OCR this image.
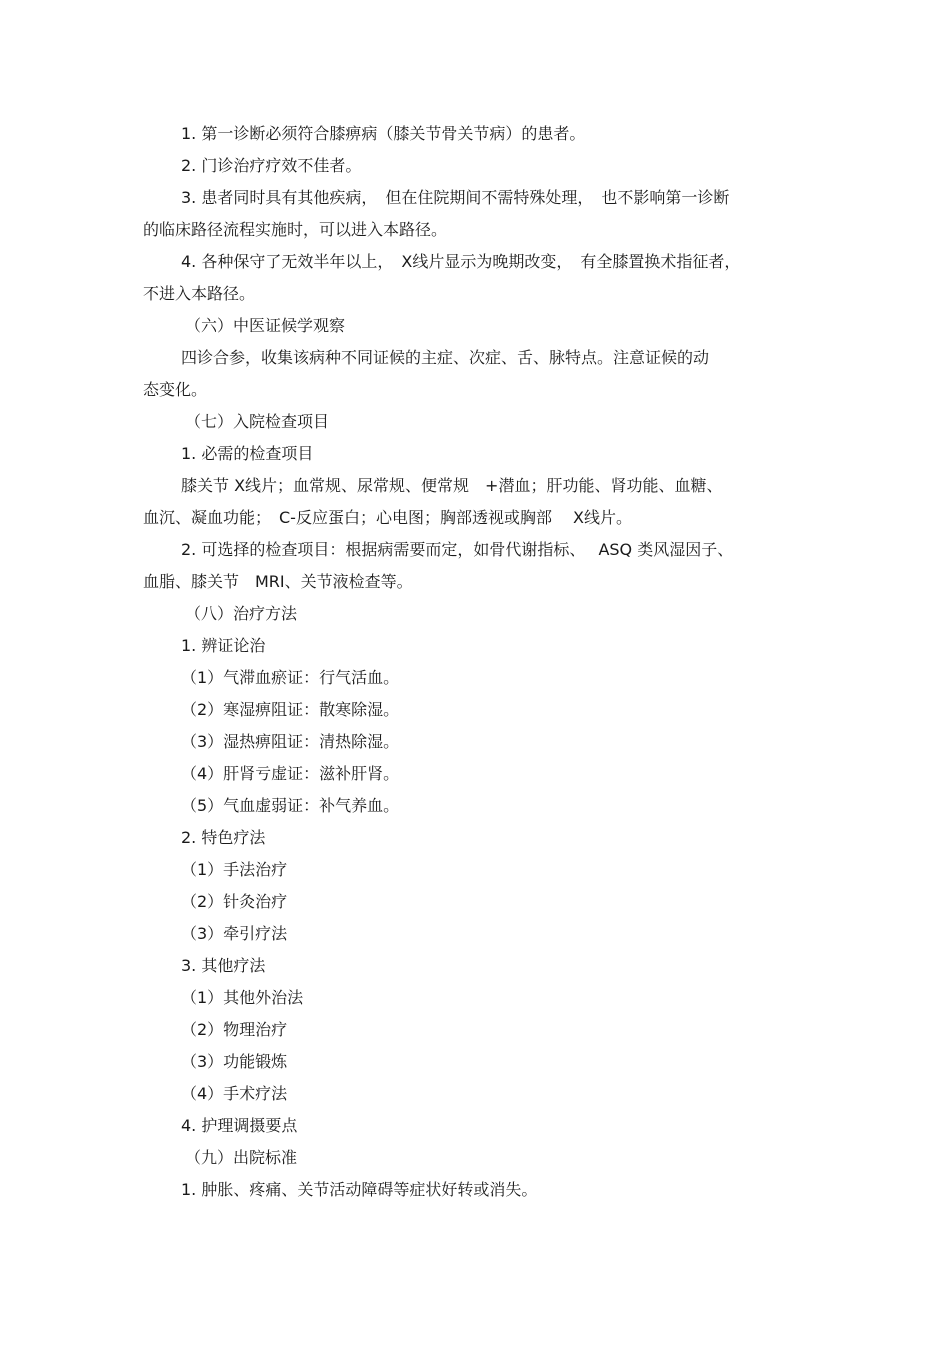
1. 第一诊断必须符合膝痹病（膝关节骨关节病）的患者。
2. 门诊治疗疗效不佳者。
3. 患者同时具有其他疾病，　但在住院期间不需特殊处理，　也不影响第一诊断
的临床路径流程实施时，可以进入本路径。
4. 各种保守了无效半年以上，　X线片显示为晚期改变，　有全膝置换术指征者，
不进入本路径。
（六）中医证候学观察
四诊合参，收集该病种不同证候的主症、次症、舌、脉特点。注意证候的动
态变化。
（七）入院检查项目
1. 必需的检查项目
膝关节 X线片；血常规、尿常规、便常规　+潜血；肝功能、肾功能、血糖、
血沉、凝血功能；　C-反应蛋白；心电图；胸部透视或胸部　 X线片。
2. 可选择的检查项目：根据病需要而定，如骨代谢指标、　 ASQ 类风湿因子、
血脂、膝关节　MRI、关节液检查等。
（八）治疗方法
1. 辨证论治
（1）气滞血瘀证：行气活血。
（2）寒湿痹阻证：散寒除湿。
（3）湿热痹阻证：清热除湿。
（4）肝肾亏虚证：滋补肝肾。
（5）气血虚弱证：补气养血。
2. 特色疗法
（1）手法治疗
（2）针灸治疗
（3）牵引疗法
3. 其他疗法
（1）其他外治法
（2）物理治疗
（3）功能锻炼
（4）手术疗法
4. 护理调摄要点
（九）出院标准
1. 肿胀、疼痛、关节活动障碍等症状好转或消失。
